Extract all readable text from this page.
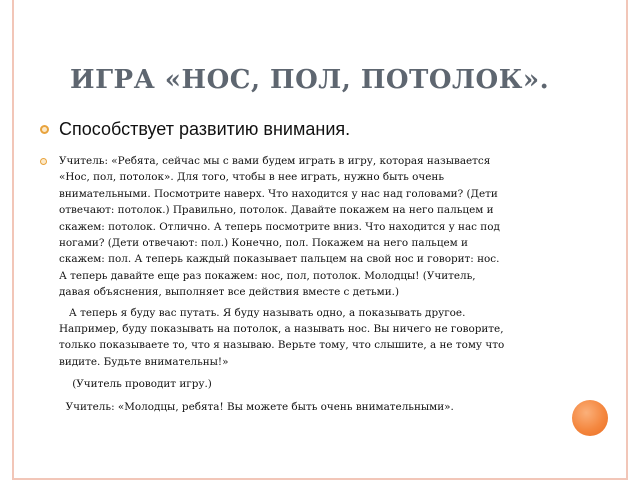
ИГРА «НОС, ПОЛ, ПОТОЛОК».

Способствует развитию внимания.

Учитель: «Ребята, сейчас мы с вами будем играть в игру, которая называется

«Нос, пол, потолок». Для того, чтобы в нее играть, нужно быть очень

внимательными. Посмотрите наверх. Что находится у нас над головами? (Дети

отвечают: потолок.) Правильно, потолок. Давайте покажем на него пальцем и

скажем: потолок. Отлично. А теперь посмотрите вниз. Что находится у нас под

ногами? (Дети отвечают: пол.) Конечно, пол. Покажем на него пальцем и

скажем: пол. А теперь каждый показывает пальцем на свой нос и говорит: нос.

А теперь давайте еще раз покажем: нос, пол, потолок. Молодцы! (Учитель,

давая объяснения, выполняет все действия вместе с детьми.)

А теперь я буду вас путать. Я буду называть одно, а показывать другое.

Например, буду показывать на потолок, а называть нос. Вы ничего не говорите,

только показываете то, что я называю. Верьте тому, что слышите, а не тому что

видите. Будьте внимательны!»

(Учитель проводит игру.)

Учитель: «Молодцы, ребята! Вы можете быть очень внимательными».
